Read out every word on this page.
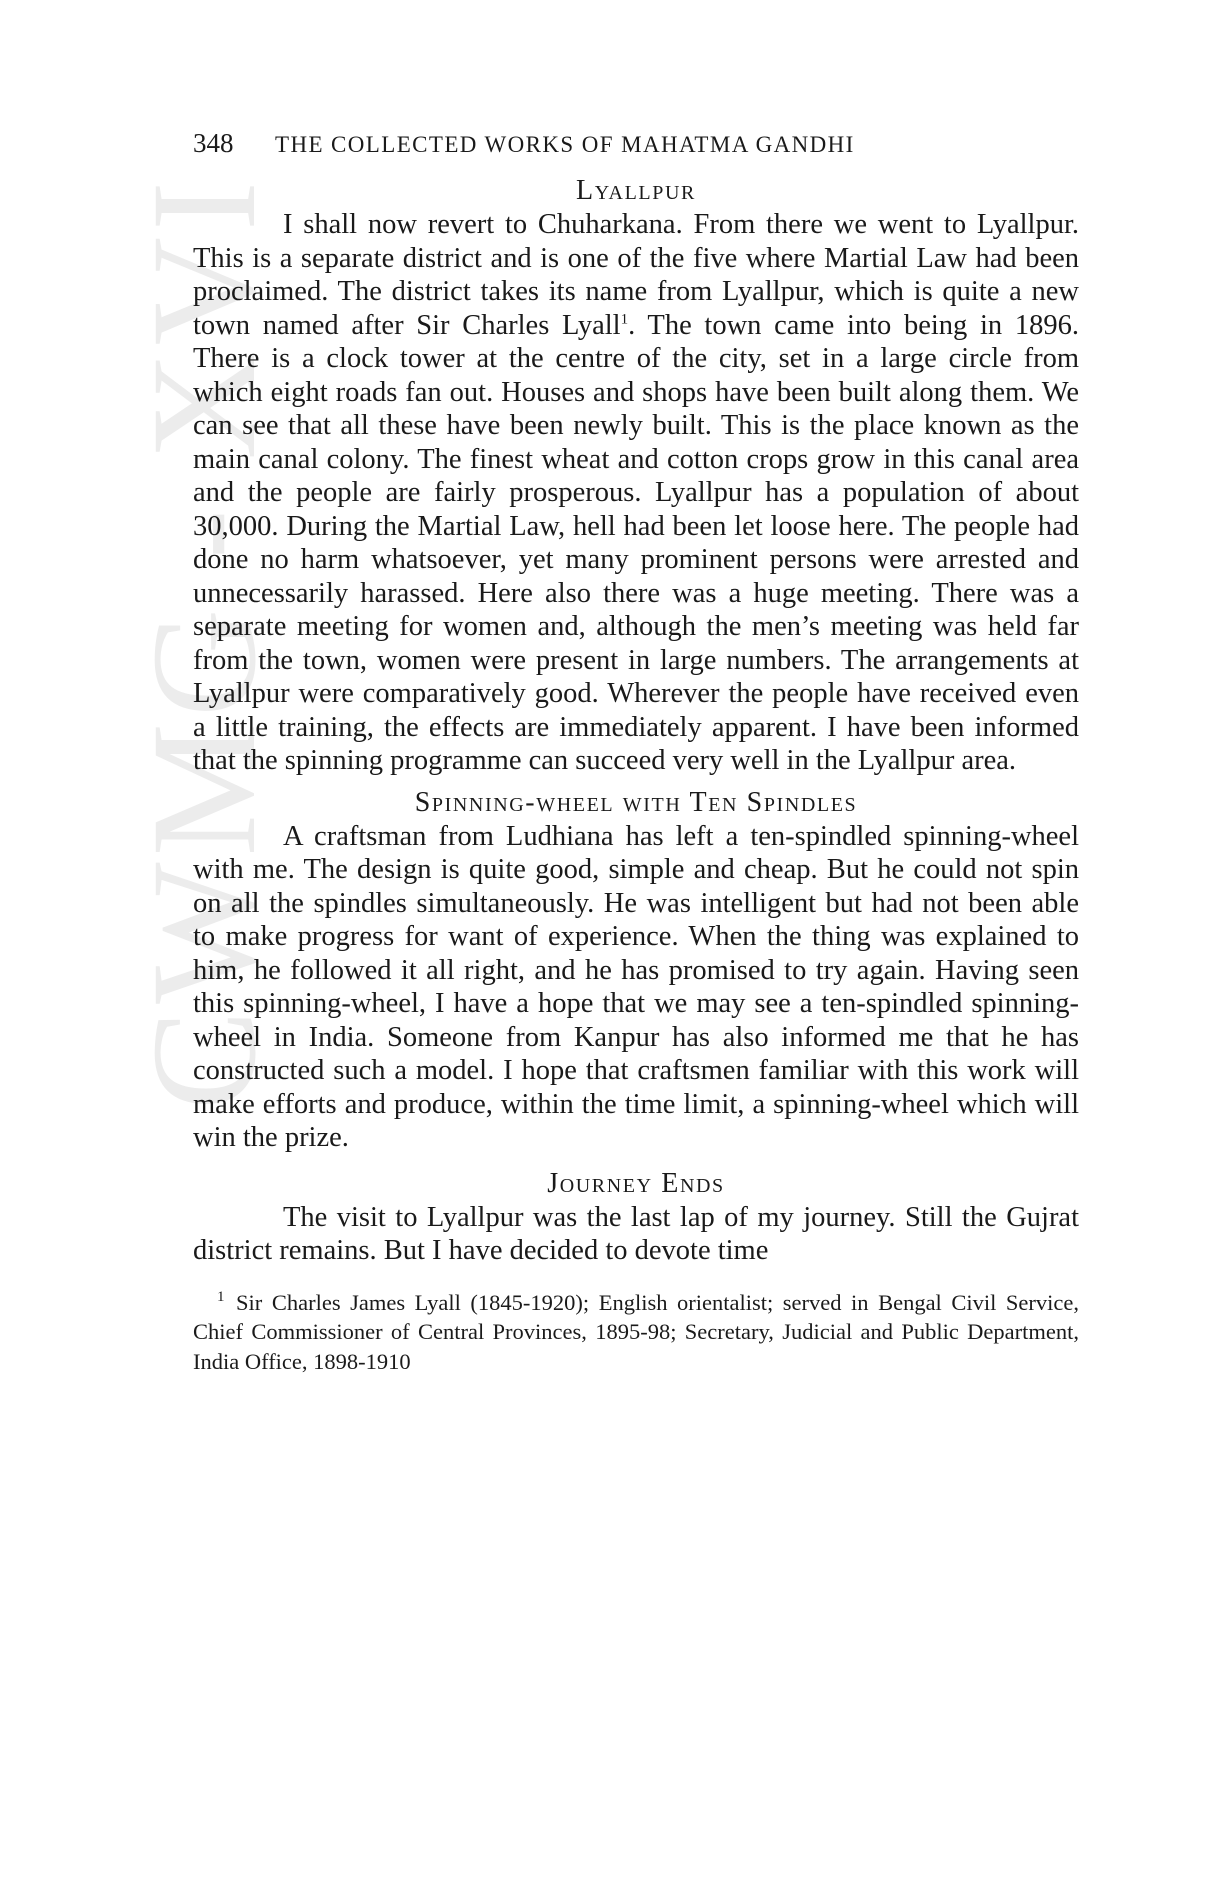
CWMG - XVI
348	THE COLLECTED WORKS OF MAHATMA GANDHI
Lyallpur

I shall now revert to Chuharkana. From there we went to Lyallpur. This is a separate district and is one of the five where Martial Law had been proclaimed. The district takes its name from Lyallpur, which is quite a new town named after Sir Charles Lyall$^1$. The town came into being in 1896. There is a clock tower at the centre of the city, set in a large circle from which eight roads fan out. Houses and shops have been built along them. We can see that all these have been newly built. This is the place known as the main canal colony. The finest wheat and cotton crops grow in this canal area and the people are fairly prosperous. Lyallpur has a population of about 30,000. During the Martial Law, hell had been let loose here. The people had done no harm whatsoever, yet many prominent persons were arrested and unnecessarily harassed. Here also there was a huge meeting. There was a separate meeting for women and, although the men’s meeting was held far from the town, women were present in large numbers. The arrangements at Lyallpur were comparatively good. Wherever the people have received even a little training, the effects are immediately apparent. I have been informed that the spinning programme can succeed very well in the Lyallpur area.

Spinning-wheel with Ten Spindles

A craftsman from Ludhiana has left a ten-spindled spinning-wheel with me. The design is quite good, simple and cheap. But he could not spin on all the spindles simultaneously. He was intelligent but had not been able to make progress for want of experience. When the thing was explained to him, he followed it all right, and he has promised to try again. Having seen this spinning-wheel, I have a hope that we may see a ten-spindled spinning-wheel in India. Someone from Kanpur has also informed me that he has constructed such a model. I hope that craftsmen familiar with this work will make efforts and produce, within the time limit, a spinning-wheel which will win the prize.

Journey Ends

The visit to Lyallpur was the last lap of my journey. Still the Gujrat district remains. But I have decided to devote time

$^1$ Sir Charles James Lyall (1845-1920); English orientalist; served in Bengal Civil Service, Chief Commissioner of Central Provinces, 1895-98; Secretary, Judicial and Public Department, India Office, 1898-1910
